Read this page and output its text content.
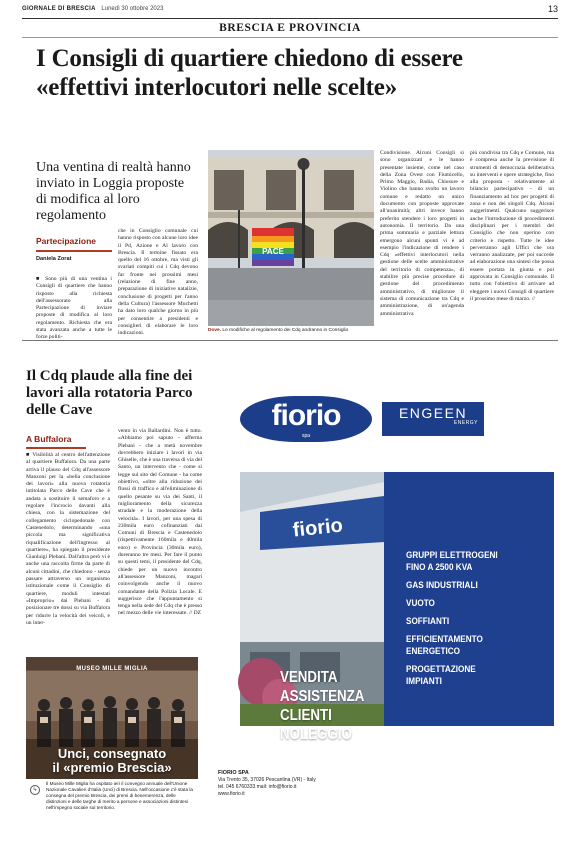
GIORNALE DI BRESCIA Lunedì 30 ottobre 2023	13
BRESCIA E PROVINCIA
I Consigli di quartiere chiedono di essere
«effettivi interlocutori nelle scelte»
Una ventina di realtà hanno inviato in Loggia proposte di modifica al loro regolamento
Partecipazione
Daniela Zorat
■ Sono più di una ventina i Consigli di quartiere che hanno risposto alla richiesta dell'assessorato alla Partecipazione di inviare proposte di modifica al loro regolamento. Richiesta che era stata avanzata anche a tutte le forze politi-
che in Consiglio comunale cui hanno risposto con alcune loro idee il Pd, Azione e Al lavoro con Brescia. Il termine fissato era quello del 16 ottobre, ma visti gli svariati compiti cui i Cdq devono far fronte nei prossimi mesi (relazione di fine anno, preparazione di iniziative natalizie, conclusione di progetti per l'anno della Cultura) l'assessore Muchetti ha dato loro qualche giorno in più per consentire a presidenti e consiglieri di elaborare le loro indicazioni.
Condivisione. Alcuni Consigli si sono organizzati e le hanno presentate insieme, come nel caso della Zona Ovest con Fiumicello, Primo Maggio, Badia, Chiusure e Violino che hanno svolto un lavoro comune e redatto un unico documento con proposte approvate all'unanimità; altri invece hanno preferito stendere i loro progetti in autonomia. Il territorio. Da una prima sommaria e parziale lettura emergono alcuni spunti vi è ad esempio l'indicazione di rendere i Cdq «effettivi interlocutori nella gestione delle scelte amministrative del territorio di competenza», di stabilire più precise procedure di gestione del procedimento amministrativo, di migliorare il sistema di comunicazione tra Cdq e amministrazione, di un'agenda amministrativa
più condivisa tra Cdq e Comune, ma è compresa anche la previsione di strumenti di democrazia deliberativa su interventi e opere strategiche, fino alla proposta - relativamente al bilancio partecipativo - di un finanziamento ad hoc per progetti di zona e non dei singoli Cdq. Alcuni suggerimenti. Qualcuno suggerisce anche l'introduzione di procedimenti disciplinari per i membri del Consiglio che non operino con criterio e rispetto. Tutte le idee perverranno agli Uffici che ora verranno analizzate, per poi succede ad elaborazione una sintesi che possa essere portata in giunta e poi approvata in Consiglio comunale. Il tutto con l'obiettivo di arrivare ad eleggere i nuovi Consigli di quartiere il prossimo mese di marzo. //
PACE
Dove. Le modifiche al regolamento dei Cdq andranno in Consiglio
Il Cdq plaude alla fine dei lavori alla rotatoria Parco delle Cave
A Buffalora
■ Visibilità al centro dell'attenzione al quartiere Buffalora. Da una parte arriva il plauso del Cdq all'assessore Manzoni per la «bella conclusione dei lavori» alla nuova rotatoria intitolata Parco delle Cave che è andata a sostituire il semaforo e a regolare l'incrocio davanti alla chiesa, con la sistemazione del collegamento ciclopedonale con Castenedolo, determinando «una piccola ma significativa riqualificazione dell'ingresso al quartiere», ha spiegato il presidente Gianluigi Plebani. Dall'altra però vi è anche una raccolta firme da parte di alcuni cittadini, che chiedono - senza passare attraverso un organismo istituzionale come il Consiglio di quartiere, moduli intestati «Improprio» dai Plebani - di posizionare tre dossi su via Buffalora per ridurre la velocità dei veicoli, e un inter-
vento in via Ballardini. Non è tutto. «Abbiamo poi saputo - afferma Plebani - che a metà novembre dovrebbero iniziare i lavori in via Ghiselle, che è una traversa di via del Santo, un intervento che - come si legge sul sito del Comune - ha come obiettivo, «oltre alla riduzione dei flussi di traffico e all'eliminazione di quello pesante su via dei Santi, il miglioramento della sicurezza stradale e la moderazione della velocità». I lavori, per una spesa di 230mila euro cofinanziati dai Comuni di Brescia e Castenedolo (rispettivamente 160mila e 40mila euro) e Provincia (30mila euro), dureranno tre mesi. Per fare il punto su questi temi, il presidente del Cdq, chiede per un nuovo incontro all'assessore Manzoni, magari coinvolgendo anche il nuovo comandante della Polizia Locale. E suggerisce che l'appuntamento si tenga nella sede del Cdq che è presso nel mezzo delle vie interessate. // DZ
MUSEO MILLE MIGLIA
Unci, consegnato
il «premio Brescia»
↳
Il Museo Mille Miglia ha ospitato ieri il convegno annuale dell'Unione Nazionale Cavalieri d'Italia (Unci) di Brescia. Nell'occasione c'è stata la consegna del premio Brescia, dei premi di benemerenza, delle distinzioni e delle targhe di merito a persone e associazioni distintesi nell'impegno sociale sul territorio.
fiorio
spa
ENGEEN
ENERGY
fiorio
VENDITA
ASSISTENZA
CLIENTI
NOLEGGIO
GRUPPI ELETTROGENI
FINO A 2500 KVA
GAS INDUSTRIALI
VUOTO
SOFFIANTI
EFFICIENTAMENTO
ENERGETICO
PROGETTAZIONE
IMPIANTI
FIORIO SPA
Via Trento 35, 37026 Pescantina (VR) - Italy
tel. 045 6760333 mail: info@fiorio.it
www.fiorio.it
